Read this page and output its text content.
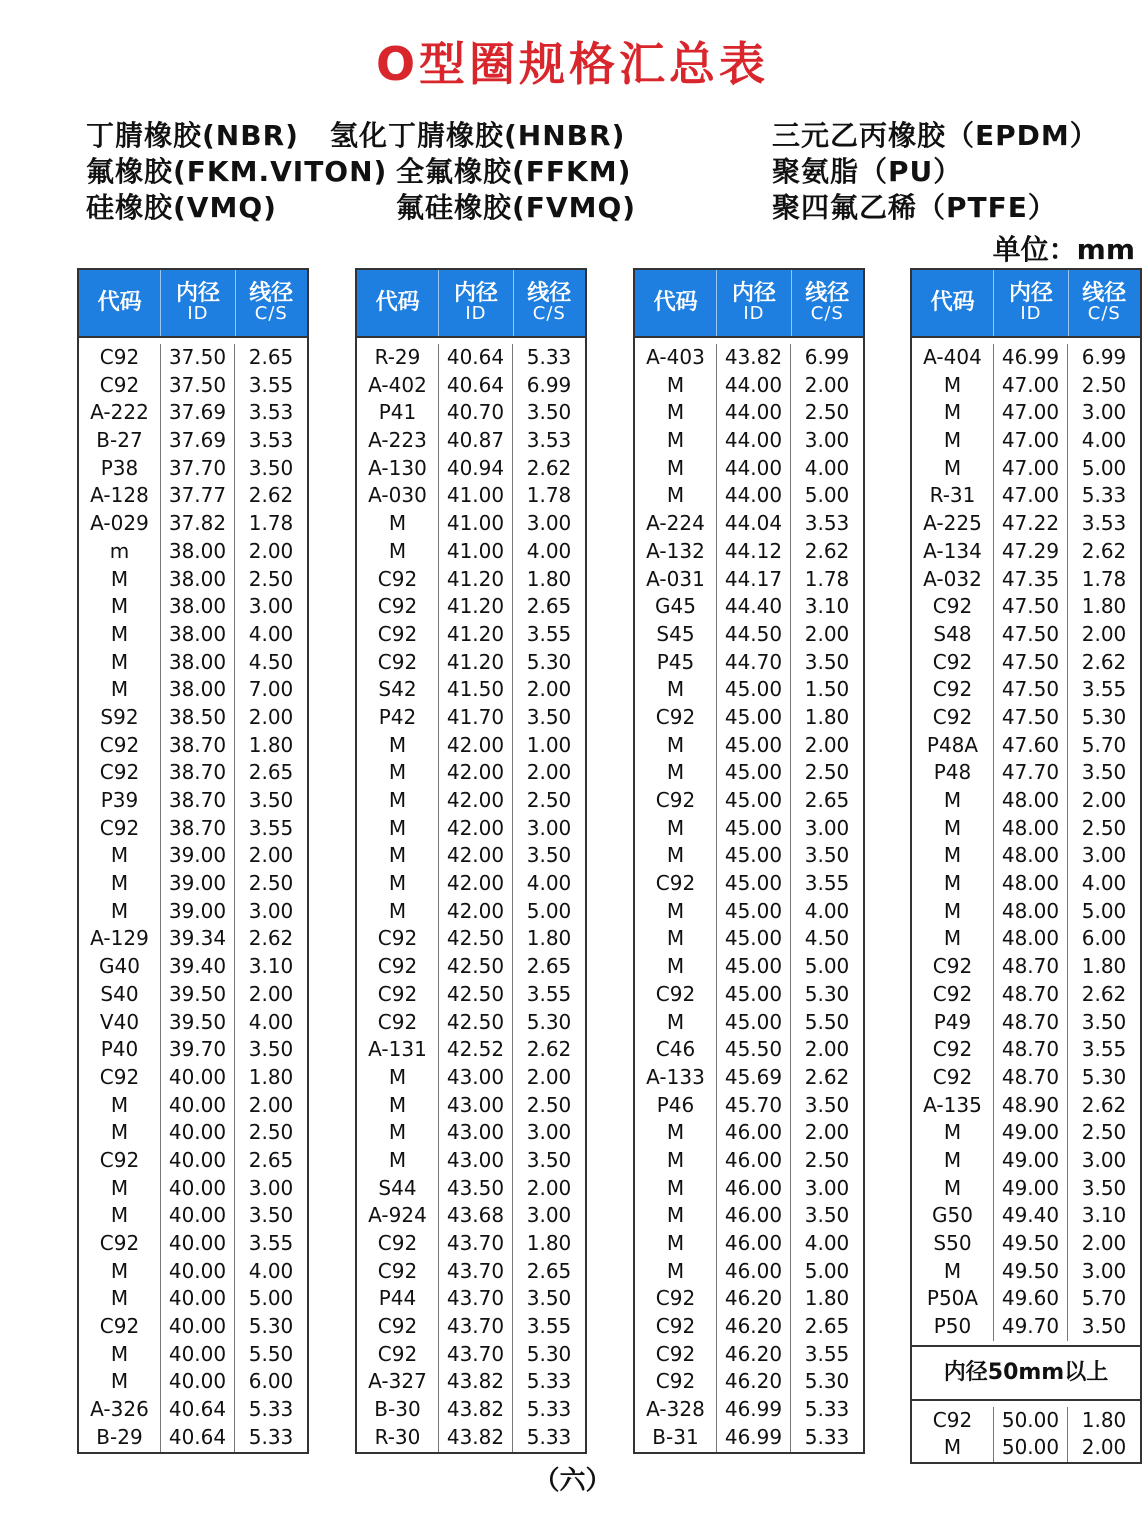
O型圈规格汇总表
丁腈橡胶(NBR) 氢化丁腈橡胶(HNBR)	三元乙丙橡胶（EPDM）
氟橡胶(FKM.VITON) 全氟橡胶(FFKM)	聚氨脂（PU）
硅橡胶(VMQ)	氟硅橡胶(FVMQ)	聚四氟乙稀（PTFE）
单位：mm
代码 内径
ID
线径
C/S
C92	37.50	2.65
C92	37.50	3.55
A-222	37.69	3.53
B-27	37.69	3.53
P38	37.70	3.50
A-128	37.77	2.62
A-029	37.82	1.78
m	38.00	2.00
M	38.00	2.50
M	38.00	3.00
M	38.00	4.00
M	38.00	4.50
M	38.00	7.00
S92	38.50	2.00
C92	38.70	1.80
C92	38.70	2.65
P39	38.70	3.50
C92	38.70	3.55
M	39.00	2.00
M	39.00	2.50
M	39.00	3.00
A-129	39.34	2.62
G40	39.40	3.10
S40	39.50	2.00
V40	39.50	4.00
P40	39.70	3.50
C92	40.00	1.80
M	40.00	2.00
M	40.00	2.50
C92	40.00	2.65
M	40.00	3.00
M	40.00	3.50
C92	40.00	3.55
M	40.00	4.00
M	40.00	5.00
C92	40.00	5.30
M	40.00	5.50
M	40.00	6.00
A-326	40.64	5.33
B-29	40.64	5.33
代码 内径
ID
线径
C/S
R-29	40.64	5.33
A-402	40.64	6.99
P41	40.70	3.50
A-223	40.87	3.53
A-130	40.94	2.62
A-030	41.00	1.78
M	41.00	3.00
M	41.00	4.00
C92	41.20	1.80
C92	41.20	2.65
C92	41.20	3.55
C92	41.20	5.30
S42	41.50	2.00
P42	41.70	3.50
M	42.00	1.00
M	42.00	2.00
M	42.00	2.50
M	42.00	3.00
M	42.00	3.50
M	42.00	4.00
M	42.00	5.00
C92	42.50	1.80
C92	42.50	2.65
C92	42.50	3.55
C92	42.50	5.30
A-131	42.52	2.62
M	43.00	2.00
M	43.00	2.50
M	43.00	3.00
M	43.00	3.50
S44	43.50	2.00
A-924	43.68	3.00
C92	43.70	1.80
C92	43.70	2.65
P44	43.70	3.50
C92	43.70	3.55
C92	43.70	5.30
A-327	43.82	5.33
B-30	43.82	5.33
R-30	43.82	5.33
代码 内径
ID
线径
C/S
A-403	43.82	6.99
M	44.00	2.00
M	44.00	2.50
M	44.00	3.00
M	44.00	4.00
M	44.00	5.00
A-224	44.04	3.53
A-132	44.12	2.62
A-031	44.17	1.78
G45	44.40	3.10
S45	44.50	2.00
P45	44.70	3.50
M	45.00	1.50
C92	45.00	1.80
M	45.00	2.00
M	45.00	2.50
C92	45.00	2.65
M	45.00	3.00
M	45.00	3.50
C92	45.00	3.55
M	45.00	4.00
M	45.00	4.50
M	45.00	5.00
C92	45.00	5.30
M	45.00	5.50
C46	45.50	2.00
A-133	45.69	2.62
P46	45.70	3.50
M	46.00	2.00
M	46.00	2.50
M	46.00	3.00
M	46.00	3.50
M	46.00	4.00
M	46.00	5.00
C92	46.20	1.80
C92	46.20	2.65
C92	46.20	3.55
C92	46.20	5.30
A-328	46.99	5.33
B-31	46.99	5.33
代码 内径
ID
线径
C/S
A-404	46.99	6.99
M	47.00	2.50
M	47.00	3.00
M	47.00	4.00
M	47.00	5.00
R-31	47.00	5.33
A-225	47.22	3.53
A-134	47.29	2.62
A-032	47.35	1.78
C92	47.50	1.80
S48	47.50	2.00
C92	47.50	2.62
C92	47.50	3.55
C92	47.50	5.30
P48A	47.60	5.70
P48	47.70	3.50
M	48.00	2.00
M	48.00	2.50
M	48.00	3.00
M	48.00	4.00
M	48.00	5.00
M	48.00	6.00
C92	48.70	1.80
C92	48.70	2.62
P49	48.70	3.50
C92	48.70	3.55
C92	48.70	5.30
A-135	48.90	2.62
M	49.00	2.50
M	49.00	3.00
M	49.00	3.50
G50	49.40	3.10
S50	49.50	2.00
M	49.50	3.00
P50A	49.60	5.70
P50	49.70	3.50
内径50mm以上
C92	50.00	1.80
M	50.00	2.00
（六）
